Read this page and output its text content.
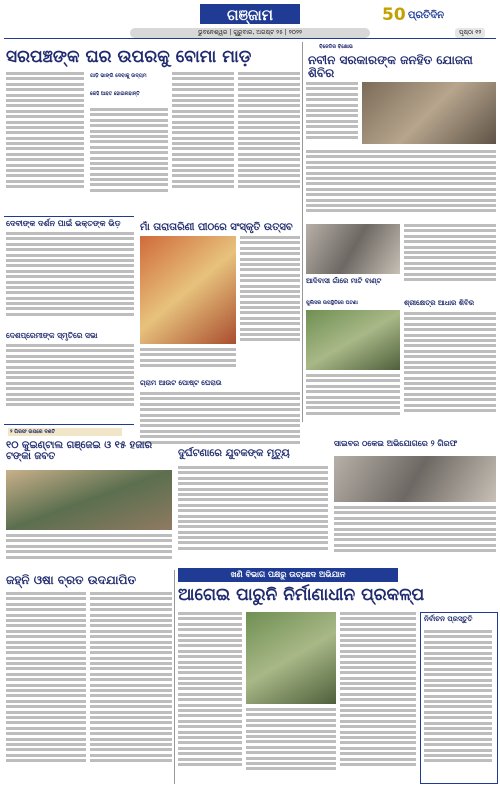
ଗଞ୍ଜାମ
ଭୁବନେଶ୍ୱର | ଗୁରୁବାର, ଅଗଷ୍ଟ ୨୫ | ୨୦୨୨
50 ପ୍ରତିଦିନ
ପୃଷ୍ଠା ୧୨
ସରପଞ୍ଚଙ୍କ ଘର ଉପରକୁ ବୋମା ମାଡ଼
ଗାଡ଼ି ଭାଙ୍ଗି ଦେବାକୁ ଉଦ୍ୟମ
କେହି ଆହତ ହୋଇନାହାନ୍ତି
ବିଜେଡିର ବିକ୍ଷୋଭ
ନବୀନ ସରକାରଙ୍କ ଜନହିତ ଯୋଜନା ଶିବିର
ଦେବୀଙ୍କ ଦର୍ଶନ ପାଇଁ ଭକ୍ତଙ୍କ ଭିଡ଼	ମାଁ ତାରାତାରିଣୀ ପୀଠରେ ସଂସ୍କୃତି ଉତ୍ସବ
ଆଦିବାସୀ ଗାଁରେ ମାଟି ବାଣ୍ଟ
ପୁଲିସର ଉପସ୍ଥିତିରେ ଘଟଣା	ଶ୍ରୀକ୍ଷେତ୍ର ଆଧାର ଶିବିର
ଦେଶପ୍ରେମୀଙ୍କ ସ୍ମୃତିରେ ସଭା
ଗ୍ରାମ ଆଉଟ ପୋଷ୍ଟ ଘେରାଉ
୨ ଗିରଫ ଉପରେ ଦଶଟି
୧୦ କୁଇଣ୍ଟାଲ ଗଞ୍ଜେଇ ଓ ୧୫ ହଜାର ଟଙ୍କା ଜବତ	ଦୁର୍ଘଟଣାରେ ଯୁବକଙ୍କ ମୃତ୍ୟୁ
ସାଇବର ଠକେଇ ଅଭିଯୋଗରେ ୨ ଗିରଫ
ଖଣି ବିଭାଗ ପକ୍ଷରୁ ଉଚ୍ଛେଦ ଅଭିଯାନ
ଜହ୍ନି ଓଷା ବ୍ରତ ଉଦଯାପିତ
ଆଗେଇ ପାରୁନି ନିର୍ମାଣାଧୀନ ପ୍ରକଳ୍ପ
ନିର୍ବାଚନ ପ୍ରସ୍ତୁତି
